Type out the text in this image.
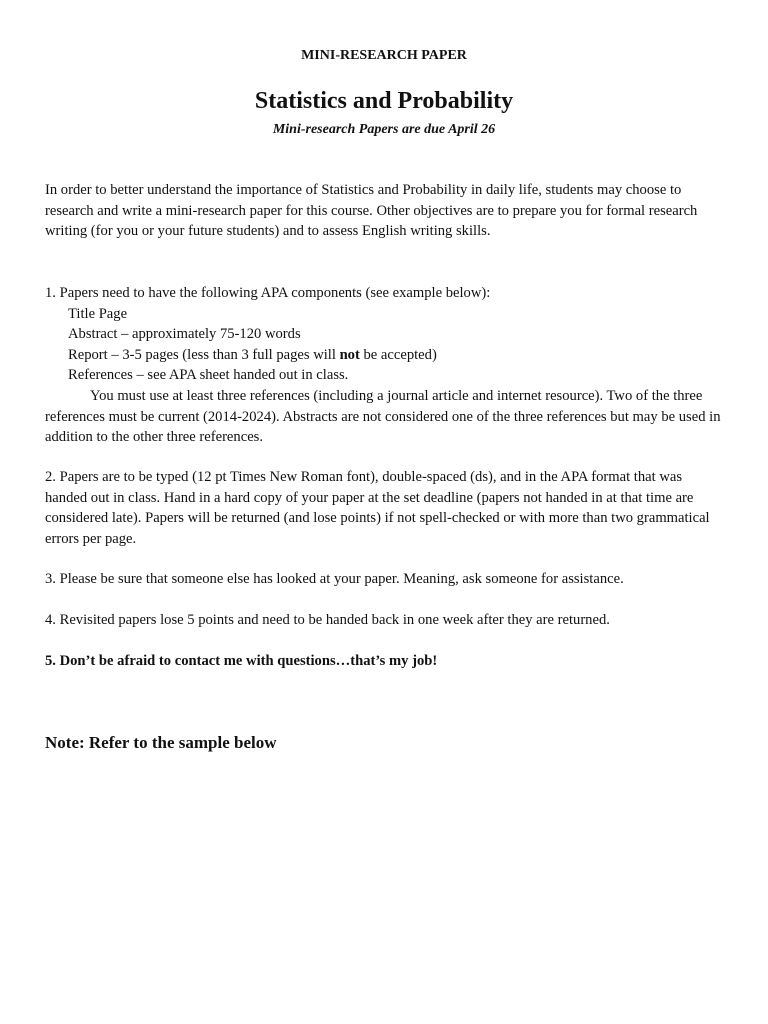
MINI-RESEARCH PAPER
Statistics and Probability
Mini-research Papers are due April 26

In order to better understand the importance of Statistics and Probability in daily life, students may choose to research and write a mini-research paper for this course. Other objectives are to prepare you for formal research writing (for you or your future students) and to assess English writing skills.

1. Papers need to have the following APA components (see example below):

Title Page

Abstract – approximately 75-120 words

Report – 3-5 pages (less than 3 full pages will not be accepted)

References – see APA sheet handed out in class.

You must use at least three references (including a journal article and internet resource). Two of the three references must be current (2014-2024). Abstracts are not considered one of the three references but may be used in addition to the other three references.

2. Papers are to be typed (12 pt Times New Roman font), double-spaced (ds), and in the APA format that was handed out in class. Hand in a hard copy of your paper at the set deadline (papers not handed in at that time are considered late). Papers will be returned (and lose points) if not spell-checked or with more than two grammatical errors per page.

3. Please be sure that someone else has looked at your paper. Meaning, ask someone for assistance.

4. Revisited papers lose 5 points and need to be handed back in one week after they are returned.

5. Don’t be afraid to contact me with questions…that’s my job!

Note: Refer to the sample below
